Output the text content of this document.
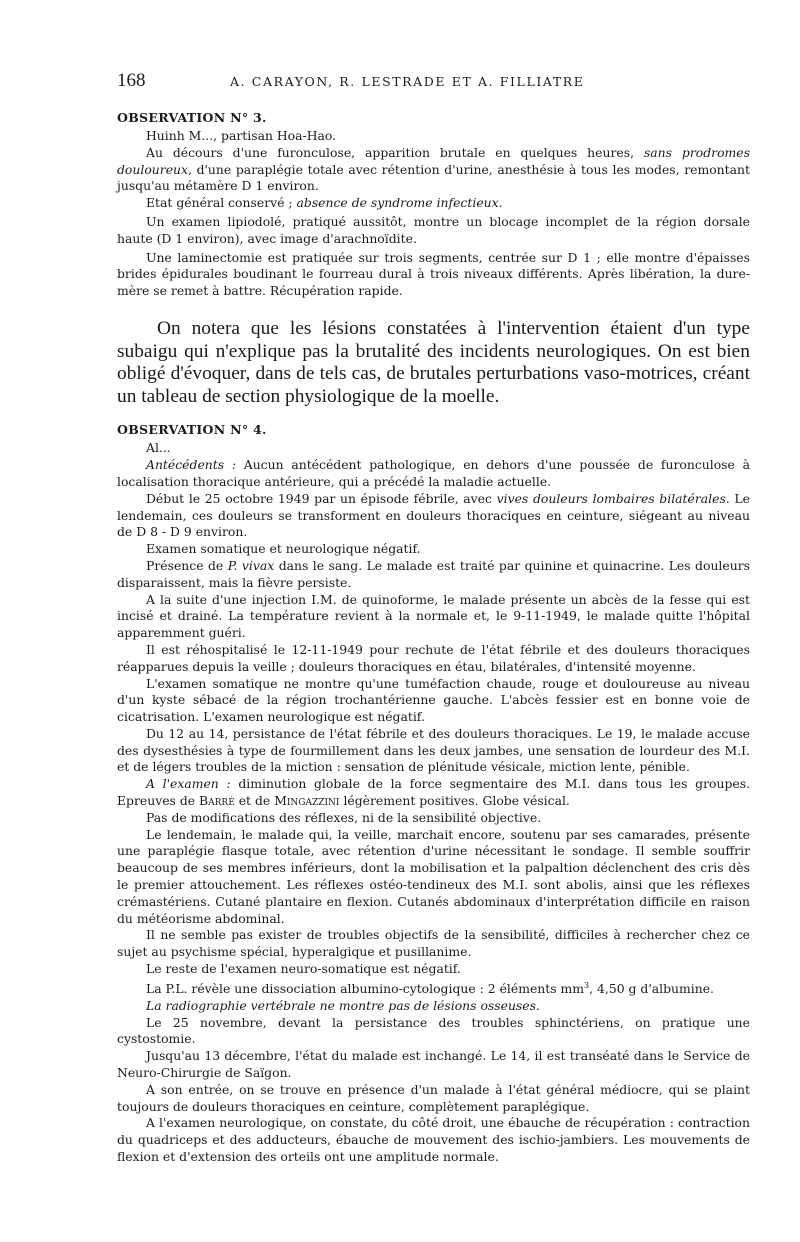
168	A. CARAYON, R. LESTRADE ET A. FILLIATRE
OBSERVATION N° 3.

Huinh M..., partisan Hoa-Hao.

Au décours d'une furonculose, apparition brutale en quelques heures, sans prodromes douloureux, d'une paraplégie totale avec rétention d'urine, anesthésie à tous les modes, remontant jusqu'au métamère D 1 environ.

Etat général conservé ; absence de syndrome infectieux.

Un examen lipiodolé, pratiqué aussitôt, montre un blocage incomplet de la région dorsale haute (D 1 environ), avec image d'arachnoïdite.

Une laminectomie est pratiquée sur trois segments, centrée sur D 1 ; elle montre d'épaisses brides épidurales boudinant le fourreau dural à trois niveaux différents. Après libération, la dure-mère se remet à battre. Récupération rapide.

On notera que les lésions constatées à l'intervention étaient d'un type subaigu qui n'explique pas la brutalité des incidents neurologiques. On est bien obligé d'évoquer, dans de tels cas, de brutales perturbations vaso-motrices, créant un tableau de section physiologique de la moelle.

OBSERVATION N° 4.

Al...

Antécédents : Aucun antécédent pathologique, en dehors d'une poussée de furonculose à localisation thoracique antérieure, qui a précédé la maladie actuelle.

Début le 25 octobre 1949 par un épisode fébrile, avec vives douleurs lombaires bilatérales. Le lendemain, ces douleurs se transforment en douleurs thoraciques en ceinture, siégeant au niveau de D 8 - D 9 environ.

Examen somatique et neurologique négatif.

Présence de P. vivax dans le sang. Le malade est traité par quinine et quinacrine. Les douleurs disparaissent, mais la fièvre persiste.

A la suite d'une injection I.M. de quinoforme, le malade présente un abcès de la fesse qui est incisé et drainé. La température revient à la normale et, le 9-11-1949, le malade quitte l'hôpital apparemment guéri.

Il est réhospitalisé le 12-11-1949 pour rechute de l'état fébrile et des douleurs thoraciques réapparues depuis la veille ; douleurs thoraciques en étau, bilatérales, d'intensité moyenne.

L'examen somatique ne montre qu'une tuméfaction chaude, rouge et douloureuse au niveau d'un kyste sébacé de la région trochantérienne gauche. L'abcès fessier est en bonne voie de cicatrisation. L'examen neurologique est négatif.

Du 12 au 14, persistance de l'état fébrile et des douleurs thoraciques. Le 19, le malade accuse des dysesthésies à type de fourmillement dans les deux jambes, une sensation de lourdeur des M.I. et de légers troubles de la miction : sensation de plénitude vésicale, miction lente, pénible.

A l'examen : diminution globale de la force segmentaire des M.I. dans tous les groupes. Epreuves de Barré et de Mingazzini légèrement positives. Globe vésical.

Pas de modifications des réflexes, ni de la sensibilité objective.

Le lendemain, le malade qui, la veille, marchait encore, soutenu par ses camarades, présente une paraplégie flasque totale, avec rétention d'urine nécessitant le sondage. Il semble souffrir beaucoup de ses membres inférieurs, dont la mobilisation et la palpaltion déclenchent des cris dès le premier attouchement. Les réflexes ostéo-tendineux des M.I. sont abolis, ainsi que les réflexes crémastériens. Cutané plantaire en flexion. Cutanés abdominaux d'interprétation difficile en raison du météorisme abdominal.

Il ne semble pas exister de troubles objectifs de la sensibilité, difficiles à rechercher chez ce sujet au psychisme spécial, hyperalgique et pusillanime.

Le reste de l'examen neuro-somatique est négatif.

La P.L. révèle une dissociation albumino-cytologique : 2 éléments $mm^3$, 4,50 g d'albumine.

La radiographie vertébrale ne montre pas de lésions osseuses.

Le 25 novembre, devant la persistance des troubles sphinctériens, on pratique une cystostomie.

Jusqu'au 13 décembre, l'état du malade est inchangé. Le 14, il est transéaté dans le Service de Neuro-Chirurgie de Saïgon.

A son entrée, on se trouve en présence d'un malade à l'état général médiocre, qui se plaint toujours de douleurs thoraciques en ceinture, complètement paraplégique.

A l'examen neurologique, on constate, du côté droit, une ébauche de récupération : contraction du quadriceps et des adducteurs, ébauche de mouvement des ischio-jambiers. Les mouvements de flexion et d'extension des orteils ont une amplitude normale.
